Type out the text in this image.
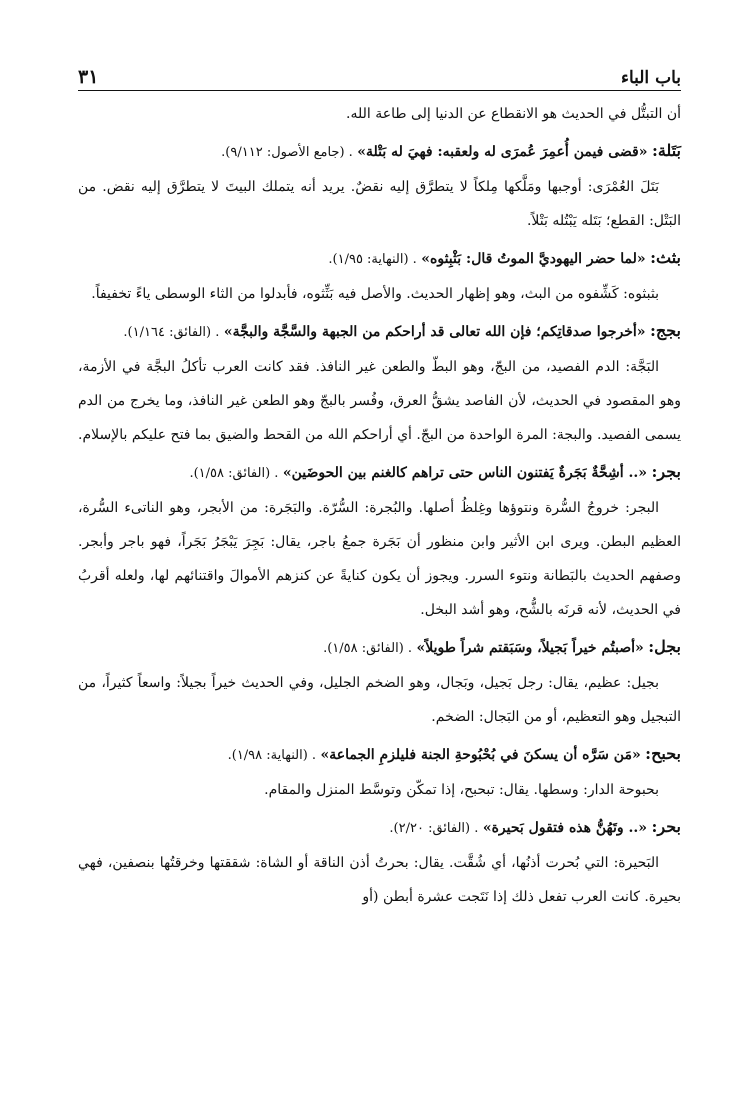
باب الباء
٣١

أن التبتُّل في الحديث هو الانقطاع عن الدنيا إلى طاعة الله.

بَتَلة: «قضى فيمن أُعمِرَ عُمرَى له ولعقبه: فهيَ له بَتْلة» . (جامع الأصول: ٩/١١٢).

بَتَلَ العُمْرَى: أوجبها ومَلَّكها مِلكاً لا يتطرَّق إليه نقضٌ. يريد أنه يتملك البيتَ لا يتطرَّق إليه نقض. من البَتْل: القطع؛ بَتَله يَبْتُله بَتْلاً.

بثث: «لما حضر اليهوديَّ الموتُ قال: بَثْبِثوه» . (النهاية: ١/٩٥).

بثبثوه: كَشِّفوه من البث، وهو إظهار الحديث. والأصل فيه بَثِّثوه، فأبدلوا من الثاء الوسطى ياءً تخفيفاً.

بجج: «أخرجوا صدقاتِكم؛ فإن الله تعالى قد أراحكم من الجبهة والسَّجَّة والبجَّة» . (الفائق: ١/١٦٤).

البَجَّة: الدم الفصيد، من البجّ، وهو البطّ والطعن غير النافذ. فقد كانت العرب تأكلُ البجَّة في الأزمة، وهو المقصود في الحديث، لأن الفاصد يشقُّ العرق، وفُسر بالبجّ وهو الطعن غير النافذ، وما يخرج من الدم يسمى الفصيد. والبجة: المرة الواحدة من البجّ. أي أراحكم الله من القحط والضيق بما فتح عليكم بالإسلام.

بجر: «.. أشِحَّةٌ بَجَرةٌ يَفتنون الناس حتى تراهم كالغنم بين الحوضَين» . (الفائق: ١/٥٨).

البجر: خروجُ السُّرة ونتوؤها وغِلظُ أصلها. والبُجرة: السُّرّة. والبَجَرة: من الأبجر، وهو الناتىء السُّرة، العظيم البطن. ويرى ابن الأثير وابن منظور أن بَجَرة جمعُ باجر، يقال: بَجِرَ يَبْجَرُ بَجَراً، فهو باجر وأبجر. وصفهم الحديث بالبَطانة ونتوء السرر. ويجوز أن يكون كنايةً عن كنزهم الأموالَ واقتنائهم لها، ولعله أقربُ في الحديث، لأنه قرنَه بالشُّح، وهو أشد البخل.

بجل: «أصبتُم خيراً بَجيلاً، وسَبَقتم شراً طويلاً» . (الفائق: ١/٥٨).

بجيل: عظيم، يقال: رجل بَجيل، وبَجال، وهو الضخم الجليل، وفي الحديث خيراً بجيلاً: واسعاً كثيراً، من التبجيل وهو التعظيم، أو من البَجال: الضخم.

بحبح: «مَن سَرَّه أن يسكنَ في بُحْبُوحةِ الجنة فليلزمِ الجماعة» . (النهاية: ١/٩٨).

بحبوحة الدار: وسطها. يقال: تبحبح، إذا تمكّن وتوسَّط المنزل والمقام.

بحر: «.. وتَهُنُّ هذه فتقول بَحيرة» . (الفائق: ٢/٢٠).

البَحيرة: التي بُحرت أذنُها، أي شُقَّت. يقال: بحرتُ أذن الناقة أو الشاة: شققتها وخرقتُها بنصفين، فهي بحيرة. كانت العرب تفعل ذلك إذا نَتَجت عشرة أبطن (أو
